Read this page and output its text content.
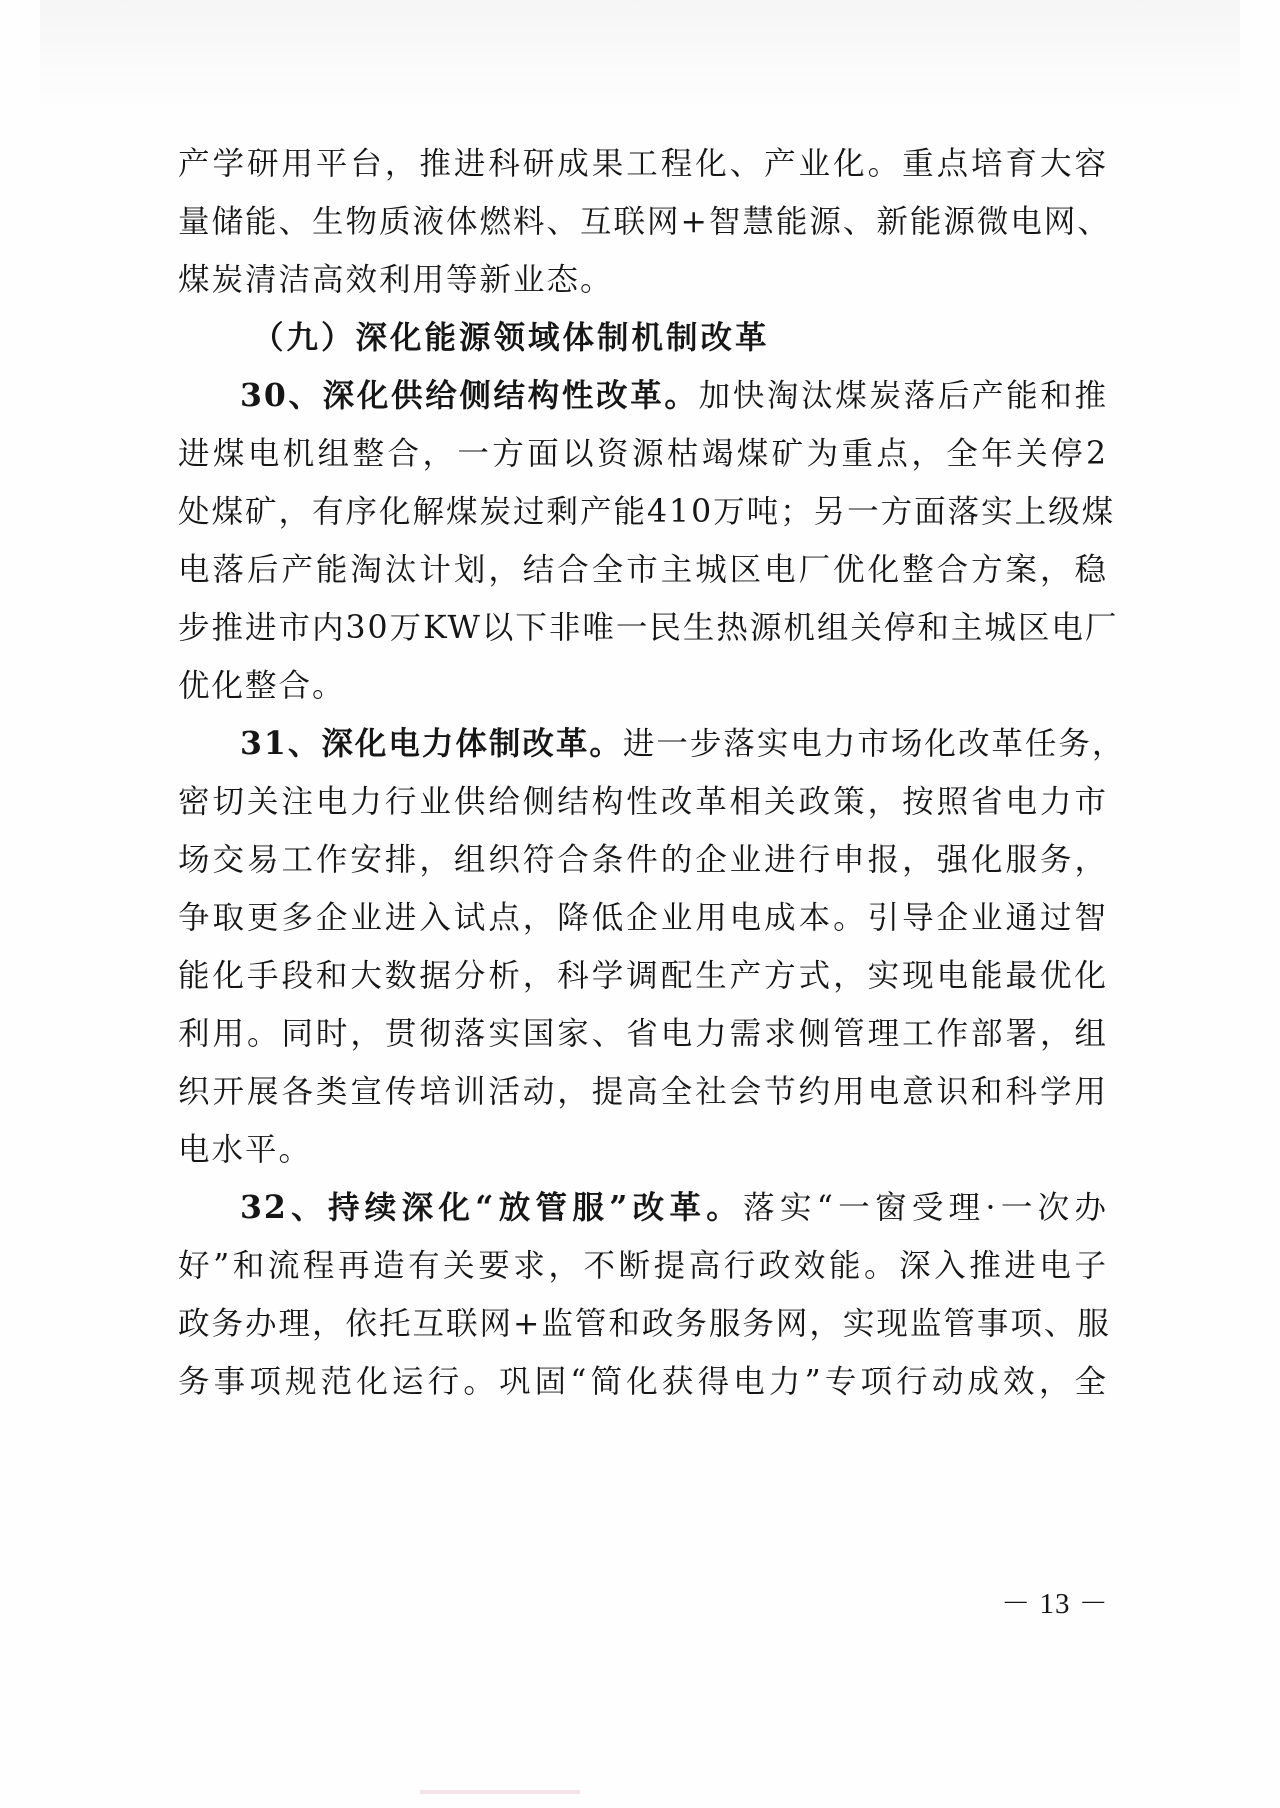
产学研用平台，推进科研成果工程化、产业化。重点培育大容
量储能、生物质液体燃料、互联网+智慧能源、新能源微电网、
煤炭清洁高效利用等新业态。
（九）深化能源领域体制机制改革
30、深化供给侧结构性改革。加快淘汰煤炭落后产能和推
进煤电机组整合，一方面以资源枯竭煤矿为重点，全年关停2
处煤矿，有序化解煤炭过剩产能410万吨；另一方面落实上级煤
电落后产能淘汰计划，结合全市主城区电厂优化整合方案，稳
步推进市内30万KW以下非唯一民生热源机组关停和主城区电厂
优化整合。
31、深化电力体制改革。进一步落实电力市场化改革任务，
密切关注电力行业供给侧结构性改革相关政策，按照省电力市
场交易工作安排，组织符合条件的企业进行申报，强化服务，
争取更多企业进入试点，降低企业用电成本。引导企业通过智
能化手段和大数据分析，科学调配生产方式，实现电能最优化
利用。同时，贯彻落实国家、省电力需求侧管理工作部署，组
织开展各类宣传培训活动，提高全社会节约用电意识和科学用
电水平。
32、持续深化“放管服”改革。落实“一窗受理·一次办
好”和流程再造有关要求，不断提高行政效能。深入推进电子
政务办理，依托互联网+监管和政务服务网，实现监管事项、服
务事项规范化运行。巩固“简化获得电力”专项行动成效，全
－ 13 －
